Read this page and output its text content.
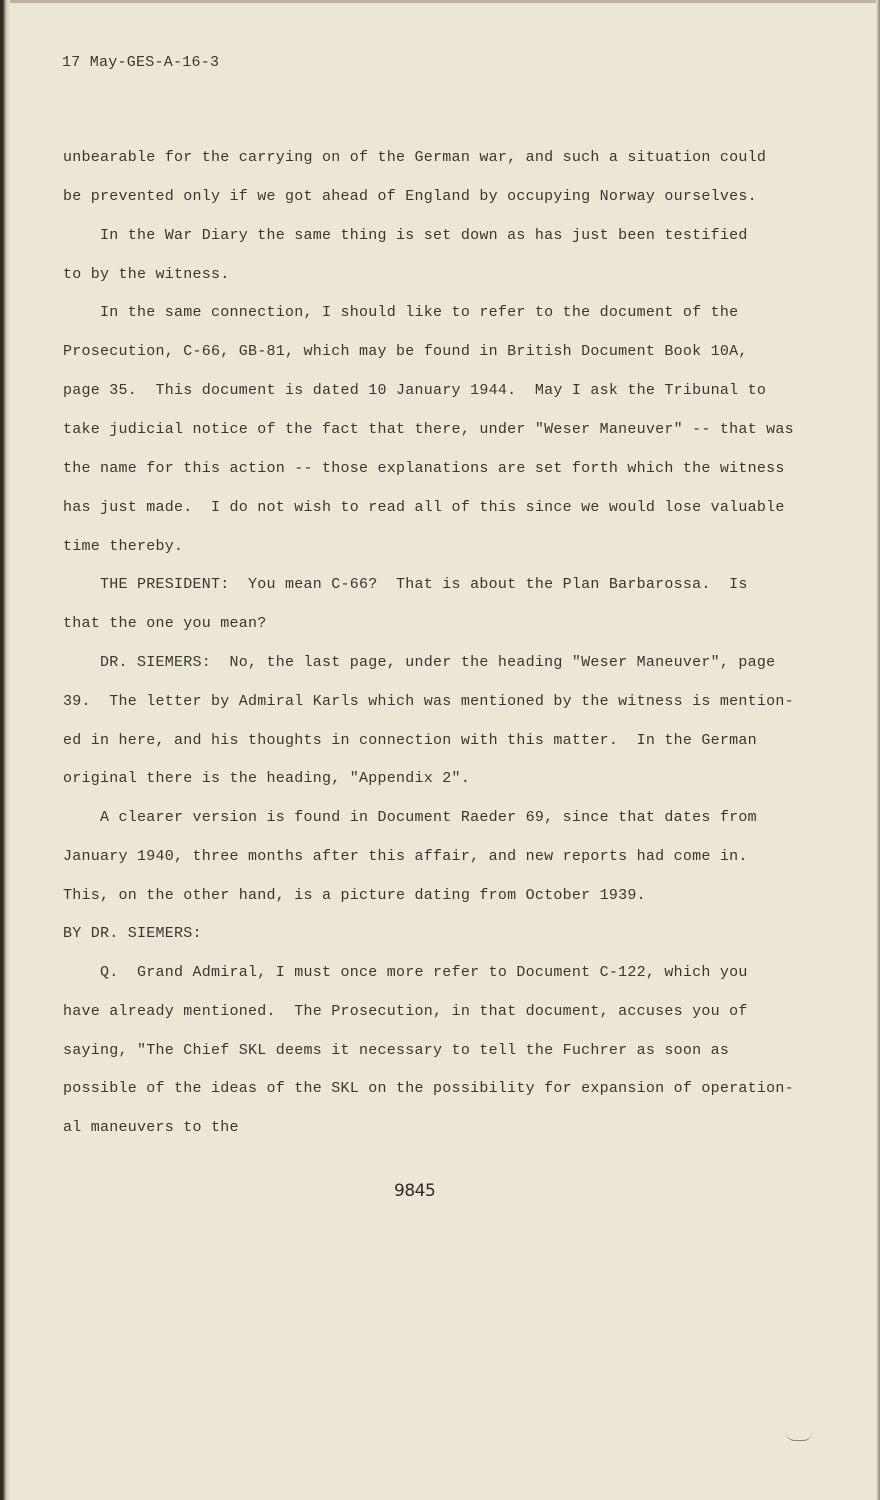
17 May-GES-A-16-3
unbearable for the carrying on of the German war, and such a situation could
be prevented only if we got ahead of England by occupying Norway ourselves.
In the War Diary the same thing is set down as has just been testified
to by the witness.
In the same connection, I should like to refer to the document of the
Prosecution, C-66, GB-81, which may be found in British Document Book 10A,
page 35.  This document is dated 10 January 1944.  May I ask the Tribunal to
take judicial notice of the fact that there, under "Weser Maneuver" -- that was
the name for this action -- those explanations are set forth which the witness
has just made.  I do not wish to read all of this since we would lose valuable
time thereby.
THE PRESIDENT:  You mean C-66?  That is about the Plan Barbarossa.  Is
that the one you mean?
DR. SIEMERS:  No, the last page, under the heading "Weser Maneuver", page
39.  The letter by Admiral Karls which was mentioned by the witness is mention-
ed in here, and his thoughts in connection with this matter.  In the German
original there is the heading, "Appendix 2".
A clearer version is found in Document Raeder 69, since that dates from
January 1940, three months after this affair, and new reports had come in.
This, on the other hand, is a picture dating from October 1939.
BY DR. SIEMERS:
Q.  Grand Admiral, I must once more refer to Document C-122, which you
have already mentioned.  The Prosecution, in that document, accuses you of
saying, "The Chief SKL deems it necessary to tell the Fuchrer as soon as
possible of the ideas of the SKL on the possibility for expansion of operation-
al maneuvers to the
9845
